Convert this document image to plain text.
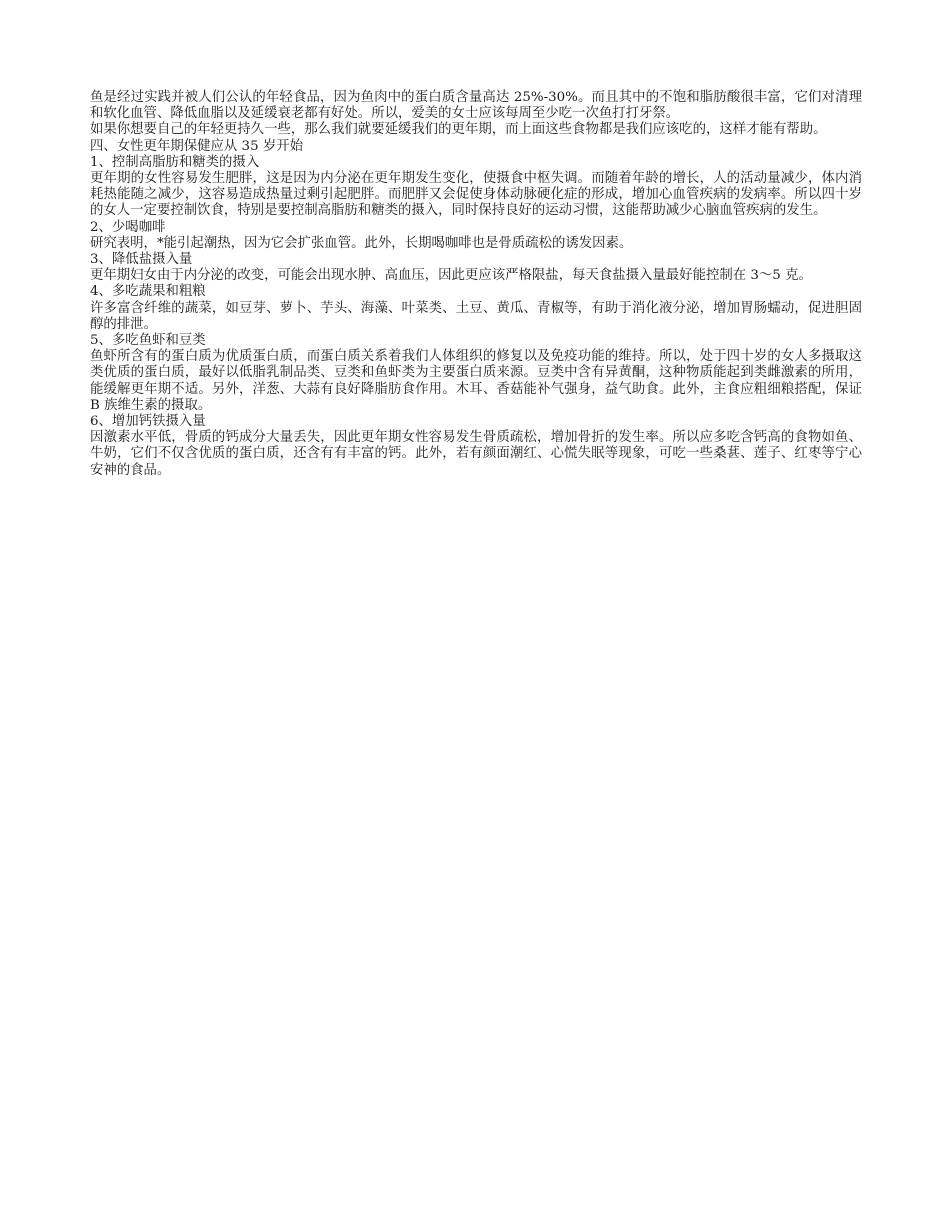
鱼是经过实践并被人们公认的年轻食品，因为鱼肉中的蛋白质含量高达 25%-30%。而且其中的不饱和脂肪酸很丰富，它们对清理和软化血管、降低血脂以及延缓衰老都有好处。所以，爱美的女士应该每周至少吃一次鱼打打牙祭。

如果你想要自己的年轻更持久一些，那么我们就要延缓我们的更年期，而上面这些食物都是我们应该吃的，这样才能有帮助。

四、女性更年期保健应从 35 岁开始

1、控制高脂肪和糖类的摄入

更年期的女性容易发生肥胖，这是因为内分泌在更年期发生变化，使摄食中枢失调。而随着年龄的增长，人的活动量减少，体内消耗热能随之减少，这容易造成热量过剩引起肥胖。而肥胖又会促使身体动脉硬化症的形成，增加心血管疾病的发病率。所以四十岁的女人一定要控制饮食，特别是要控制高脂肪和糖类的摄入，同时保持良好的运动习惯，这能帮助减少心脑血管疾病的发生。

2、少喝咖啡

研究表明，*能引起潮热，因为它会扩张血管。此外，长期喝咖啡也是骨质疏松的诱发因素。

3、降低盐摄入量

更年期妇女由于内分泌的改变，可能会出现水肿、高血压，因此更应该严格限盐，每天食盐摄入量最好能控制在 3～5 克。

4、多吃蔬果和粗粮

许多富含纤维的蔬菜，如豆芽、萝卜、芋头、海藻、叶菜类、土豆、黄瓜、青椒等，有助于消化液分泌，增加胃肠蠕动，促进胆固醇的排泄。

5、多吃鱼虾和豆类

鱼虾所含有的蛋白质为优质蛋白质，而蛋白质关系着我们人体组织的修复以及免疫功能的维持。所以，处于四十岁的女人多摄取这类优质的蛋白质，最好以低脂乳制品类、豆类和鱼虾类为主要蛋白质来源。豆类中含有异黄酮，这种物质能起到类雌激素的所用，能缓解更年期不适。另外，洋葱、大蒜有良好降脂肪食作用。木耳、香菇能补气强身，益气助食。此外，主食应粗细粮搭配，保证 B 族维生素的摄取。

6、增加钙铁摄入量

因激素水平低，骨质的钙成分大量丢失，因此更年期女性容易发生骨质疏松，增加骨折的发生率。所以应多吃含钙高的食物如鱼、牛奶，它们不仅含优质的蛋白质，还含有有丰富的钙。此外，若有颜面潮红、心慌失眠等现象，可吃一些桑葚、莲子、红枣等宁心安神的食品。
